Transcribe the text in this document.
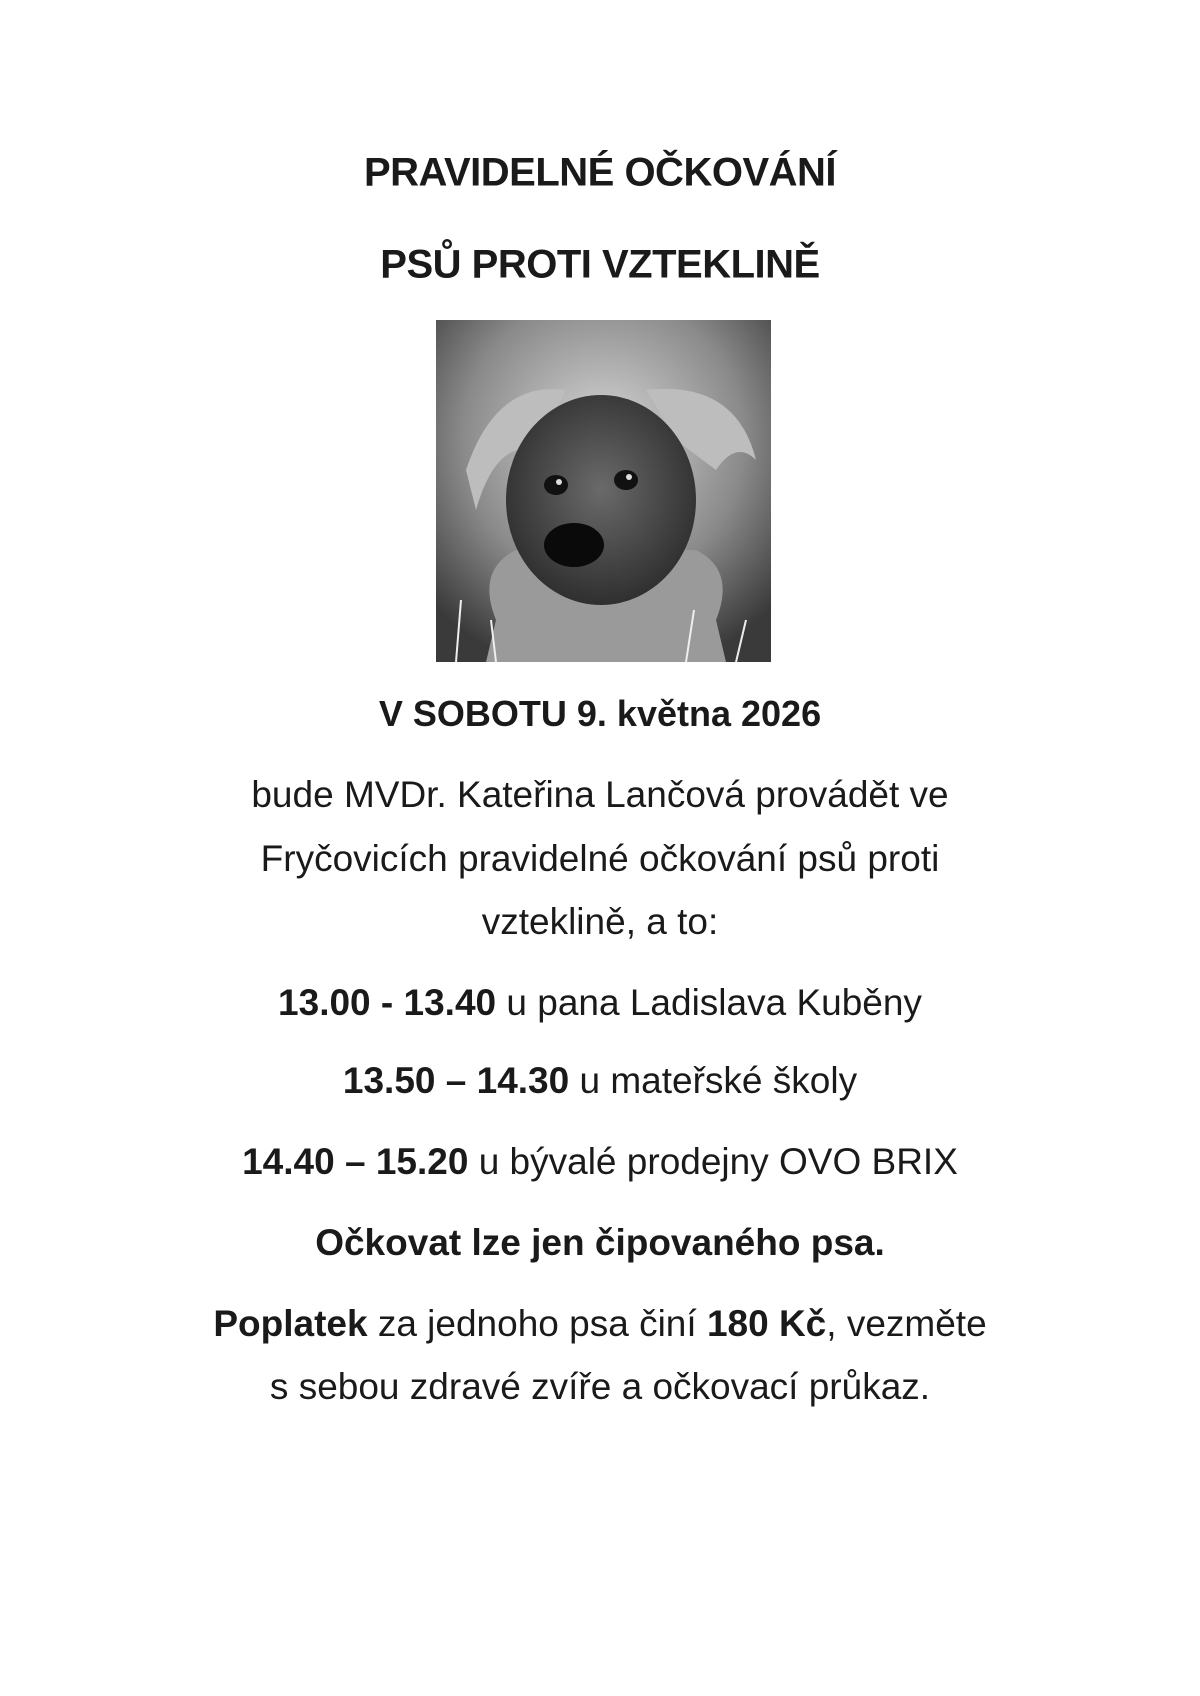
PRAVIDELNÉ OČKOVÁNÍ
PSŮ PROTI VZTEKLINĚ
V SOBOTU 9. května 2026
bude MVDr. Kateřina Lančová provádět ve
Fryčovicích pravidelné očkování psů proti
vzteklině, a to:
13.00 - 13.40 u pana Ladislava Kuběny
13.50 – 14.30 u mateřské školy
14.40 – 15.20 u bývalé prodejny OVO BRIX
Očkovat lze jen čipovaného psa.
Poplatek za jednoho psa činí 180 Kč, vezměte
s sebou zdravé zvíře a očkovací průkaz.
